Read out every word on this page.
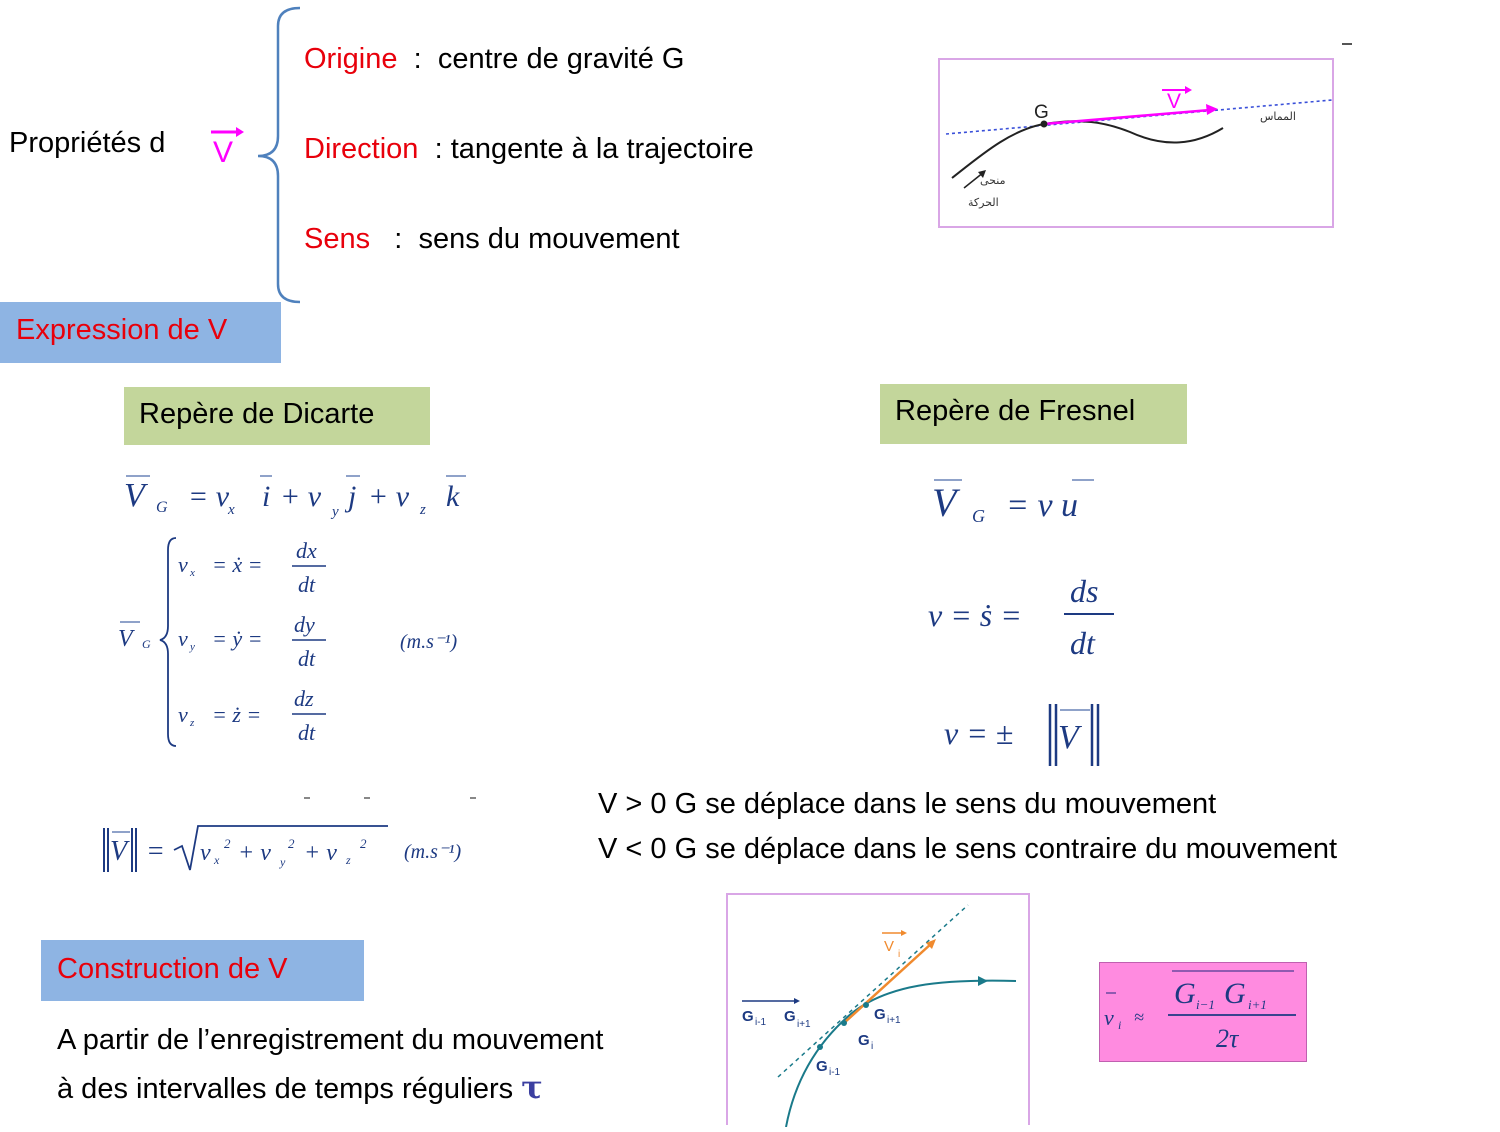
Propriétés d V
Origine : centre de gravité G
Direction : tangente à la trajectoire
Sens : sens du mouvement
V
G	المماس
منحى
الحركة
Expression de V
Repère de Dicarte	Repère de Fresnel
V G = v
x i + v y j + v z k
V G
v x = ẋ =
dx
dt
v y = ẏ =
dy
dt
(m.s⁻¹)
v z = ż =
dz
dt
V = v x
2 + v y
2 + v z
2 (m.s⁻¹)
V G = v u
v = ṡ =
ds
dt
v = ± V
V > 0 G se déplace dans le sens du mouvement
V < 0 G se déplace dans le sens contraire du mouvement
Construction de V
A partir de l’enregistrement du mouvement
à des intervalles de temps réguliers τ
V i
G i-1 G i+1
G i+1
G i
G i-1
v i ≈
G i−1 G i+1
2τ
